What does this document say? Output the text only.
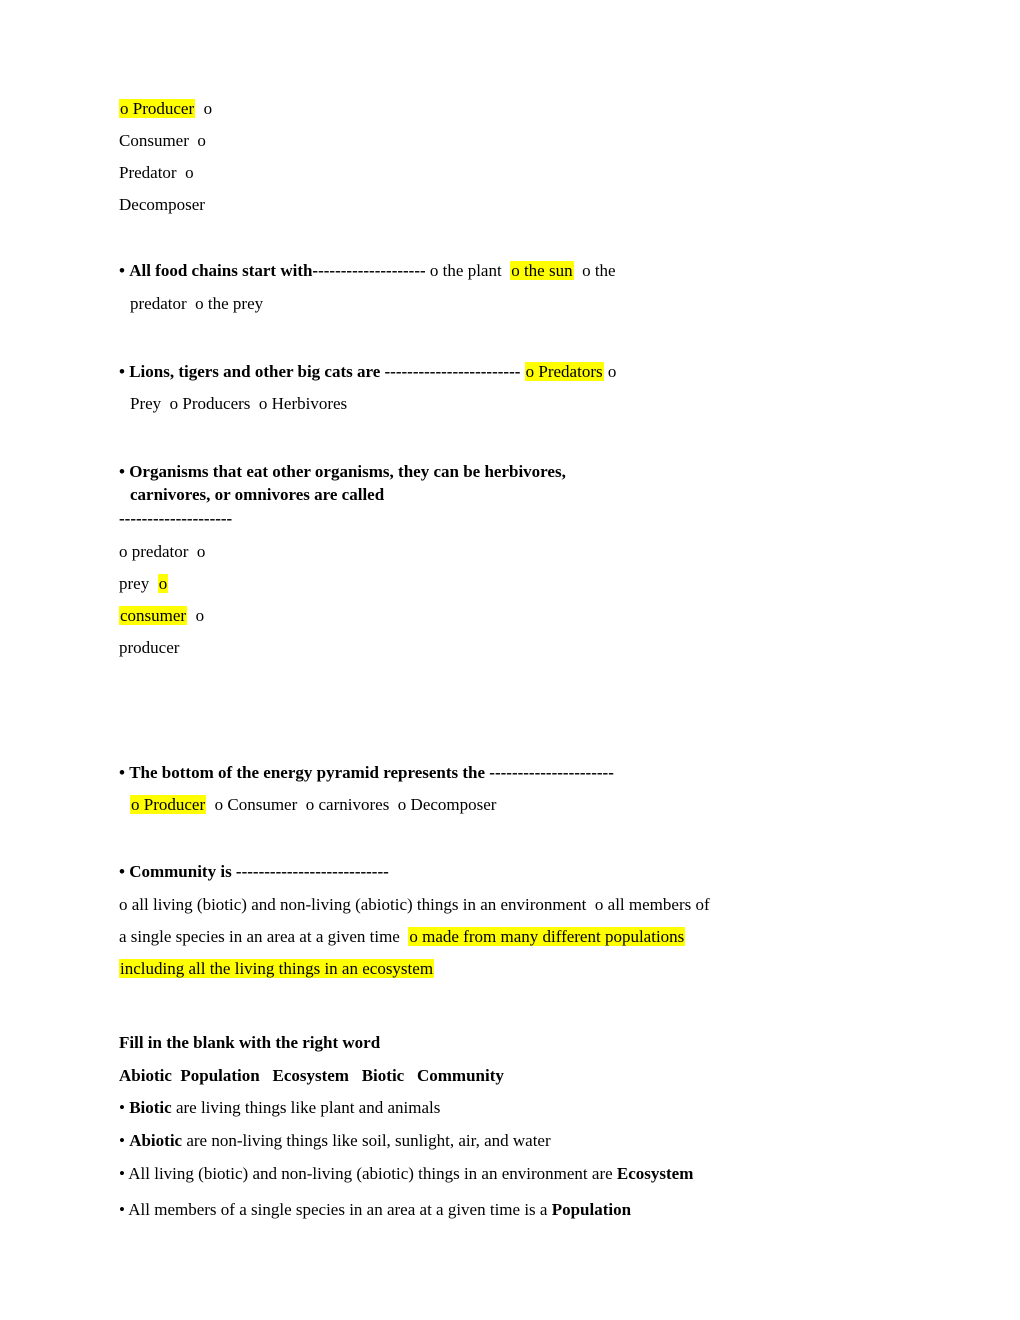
o Producer  o
Consumer  o
Predator  o
Decomposer
• All food chains start with-------------------- o the plant  o the sun  o the
predator  o the prey
• Lions, tigers and other big cats are ------------------------ o Predators o
Prey  o Producers  o Herbivores
• Organisms that eat other organisms, they can be herbivores,
carnivores, or omnivores are called
--------------------
o predator  o
prey  o
consumer  o
producer
• The bottom of the energy pyramid represents the ----------------------
o Producer  o Consumer  o carnivores  o Decomposer
• Community is ---------------------------
o all living (biotic) and non-living (abiotic) things in an environment  o all members of
a single species in an area at a given time  o made from many different populations
including all the living things in an ecosystem
Fill in the blank with the right word
Abiotic  Population   Ecosystem   Biotic   Community
• Biotic are living things like plant and animals
• Abiotic are non-living things like soil, sunlight, air, and water
• All living (biotic) and non-living (abiotic) things in an environment are Ecosystem
• All members of a single species in an area at a given time is a Population
